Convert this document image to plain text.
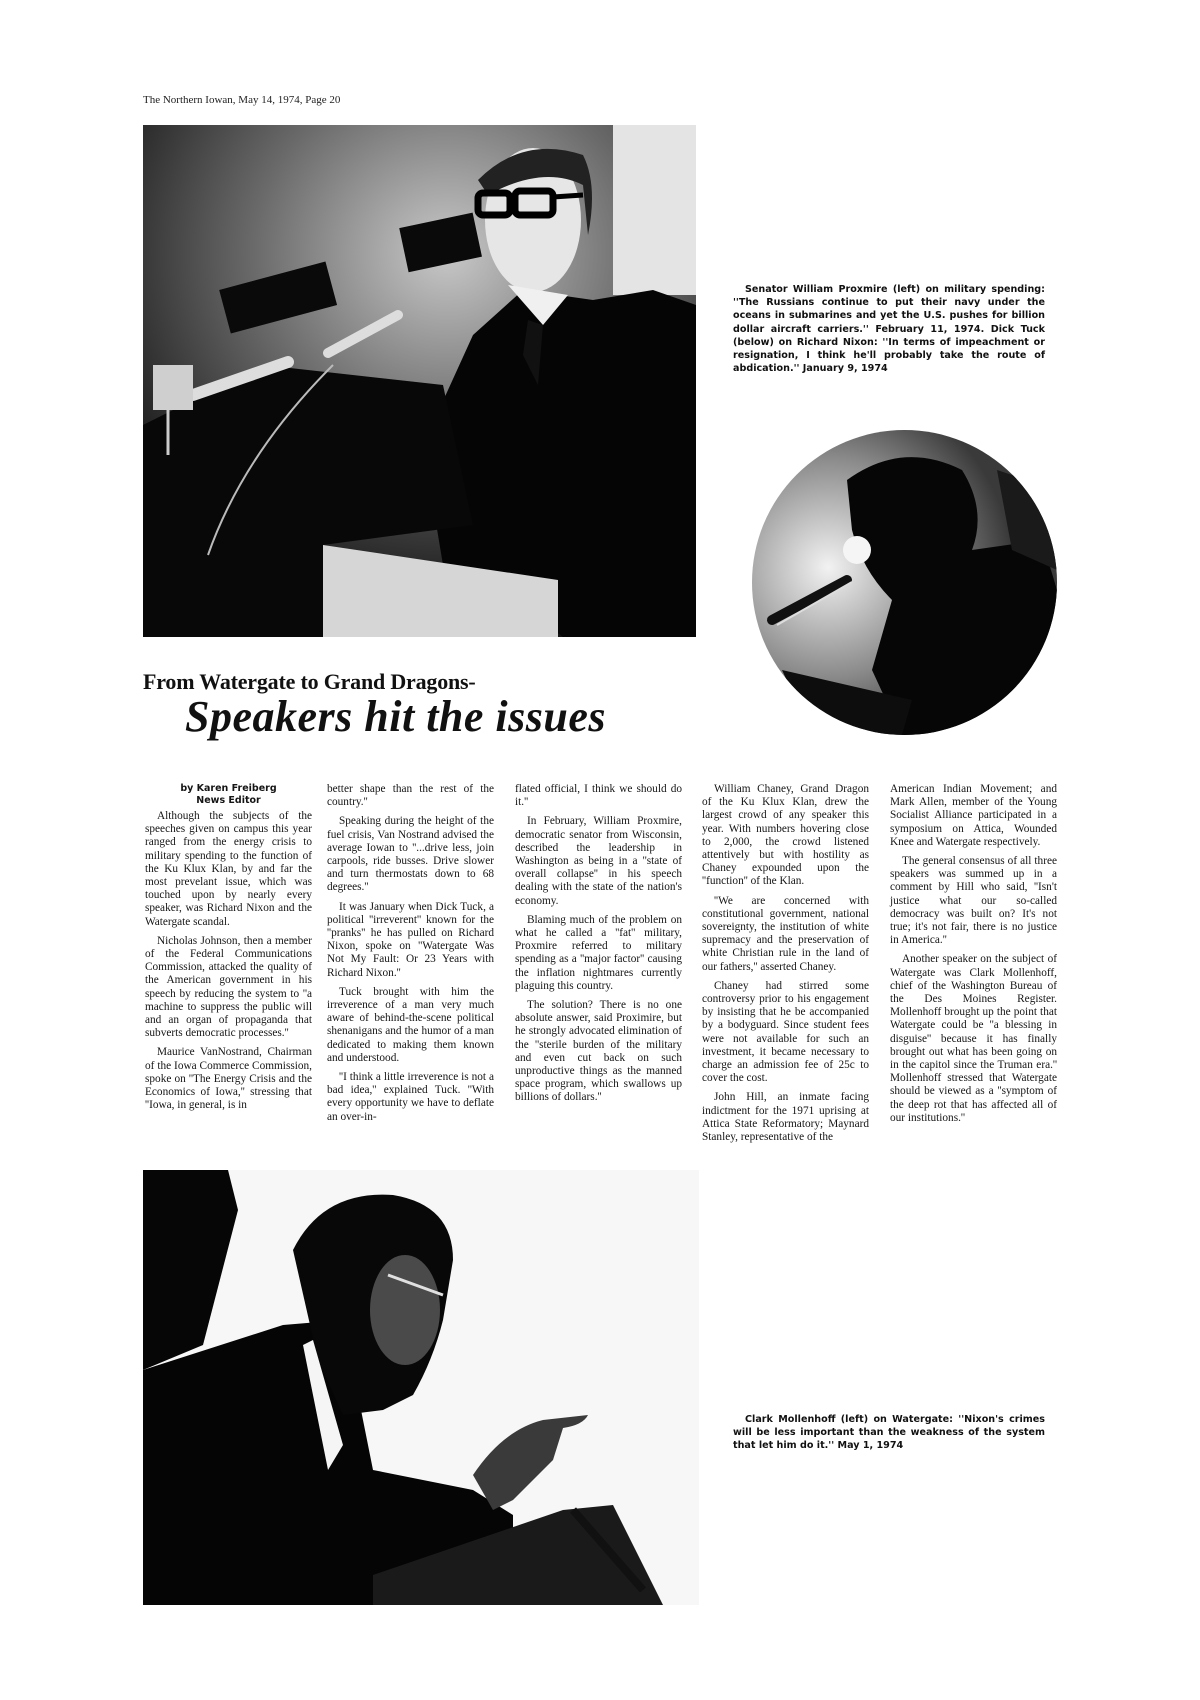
The Northern Iowan, May 14, 1974, Page 20

Senator William Proxmire (left) on military spending: ''The Russians continue to put their navy under the oceans in submarines and yet the U.S. pushes for billion dollar aircraft carriers.'' February 11, 1974. Dick Tuck (below) on Richard Nixon: ''In terms of impeachment or resignation, I think he'll probably take the route of abdication.'' January 9, 1974

From Watergate to Grand Dragons-
Speakers hit the issues
by Karen Freiberg
News Editor

Although the subjects of the speeches given on campus this year ranged from the energy crisis to military spending to the function of the Ku Klux Klan, by and far the most prevelant issue, which was touched upon by nearly every speaker, was Richard Nixon and the Watergate scandal.

Nicholas Johnson, then a member of the Federal Communications Commission, attacked the quality of the American government in his speech by reducing the system to ''a machine to suppress the public will and an organ of propaganda that subverts democratic processes.''

Maurice VanNostrand, Chairman of the Iowa Commerce Commission, spoke on ''The Energy Crisis and the Economics of Iowa,'' stressing that ''Iowa, in general, is in

better shape than the rest of the country.''

Speaking during the height of the fuel crisis, Van Nostrand advised the average Iowan to ''...drive less, join carpools, ride busses. Drive slower and turn thermostats down to 68 degrees.''

It was January when Dick Tuck, a political ''irreverent'' known for the ''pranks'' he has pulled on Richard Nixon, spoke on ''Watergate Was Not My Fault: Or 23 Years with Richard Nixon.''

Tuck brought with him the irreverence of a man very much aware of behind-the-scene political shenanigans and the humor of a man dedicated to making them known and understood.

''I think a little irreverence is not a bad idea,'' explained Tuck. ''With every opportunity we have to deflate an over-in-

flated official, I think we should do it.''

In February, William Proxmire, democratic senator from Wisconsin, described the leadership in Washington as being in a ''state of overall collapse'' in his speech dealing with the state of the nation's economy.

Blaming much of the problem on what he called a ''fat'' military, Proxmire referred to military spending as a ''major factor'' causing the inflation nightmares currently plaguing this country.

The solution? There is no one absolute answer, said Proximire, but he strongly advocated elimination of the ''sterile burden of the military and even cut back on such unproductive things as the manned space program, which swallows up billions of dollars.''

William Chaney, Grand Dragon of the Ku Klux Klan, drew the largest crowd of any speaker this year. With numbers hovering close to 2,000, the crowd listened attentively but with hostility as Chaney expounded upon the ''function'' of the Klan.

''We are concerned with constitutional government, national sovereignty, the institution of white supremacy and the preservation of white Christian rule in the land of our fathers,'' asserted Chaney.

Chaney had stirred some controversy prior to his engagement by insisting that he be accompanied by a bodyguard. Since student fees were not available for such an investment, it became necessary to charge an admission fee of 25c to cover the cost.

John Hill, an inmate facing indictment for the 1971 uprising at Attica State Reformatory; Maynard Stanley, representative of the

American Indian Movement; and Mark Allen, member of the Young Socialist Alliance participated in a symposium on Attica, Wounded Knee and Watergate respectively.

The general consensus of all three speakers was summed up in a comment by Hill who said, ''Isn't justice what our so-called democracy was built on? It's not true; it's not fair, there is no justice in America.''

Another speaker on the subject of Watergate was Clark Mollenhoff, chief of the Washington Bureau of the Des Moines Register. Mollenhoff brought up the point that Watergate could be ''a blessing in disguise'' because it has finally brought out what has been going on in the capitol since the Truman era.'' Mollenhoff stressed that Watergate should be viewed as a ''symptom of the deep rot that has affected all of our institutions.''

Clark Mollenhoff (left) on Watergate: ''Nixon's crimes will be less important than the weakness of the system that let him do it.'' May 1, 1974
